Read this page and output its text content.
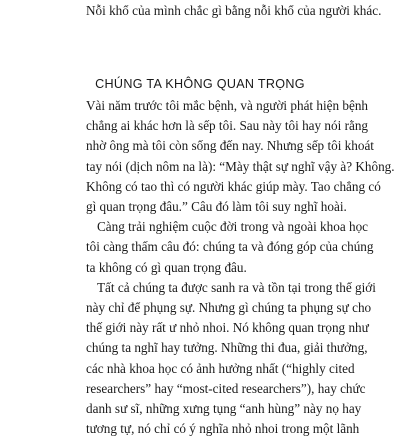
Nỗi khổ của mình chắc gì bằng nỗi khổ của người khác.
CHÚNG TA KHÔNG QUAN TRỌNG

Vài năm trước tôi mắc bệnh, và người phát hiện bệnh
chẳng ai khác hơn là sếp tôi. Sau này tôi hay nói rằng
nhờ ông mà tôi còn sống đến nay. Nhưng sếp tôi khoát
tay nói (dịch nôm na là): “Mày thật sự nghĩ vậy à? Không.
Không có tao thì có người khác giúp mày. Tao chẳng có
gì quan trọng đâu.” Câu đó làm tôi suy nghĩ hoài.

Càng trải nghiệm cuộc đời trong và ngoài khoa học
tôi càng thấm câu đó: chúng ta và đóng góp của chúng
ta không có gì quan trọng đâu.

Tất cả chúng ta được sanh ra và tồn tại trong thế giới
này chỉ để phụng sự. Nhưng gì chúng ta phụng sự cho
thế giới này rất ư nhỏ nhoi. Nó không quan trọng như
chúng ta nghĩ hay tưởng. Những thi đua, giải thưởng,
các nhà khoa học có ảnh hưởng nhất (“highly cited
researchers” hay “most-cited researchers”), hay chức
danh sư sĩ, những xưng tụng “anh hùng” này nọ hay
tương tự, nó chỉ có ý nghĩa nhỏ nhoi trong một lãnh
